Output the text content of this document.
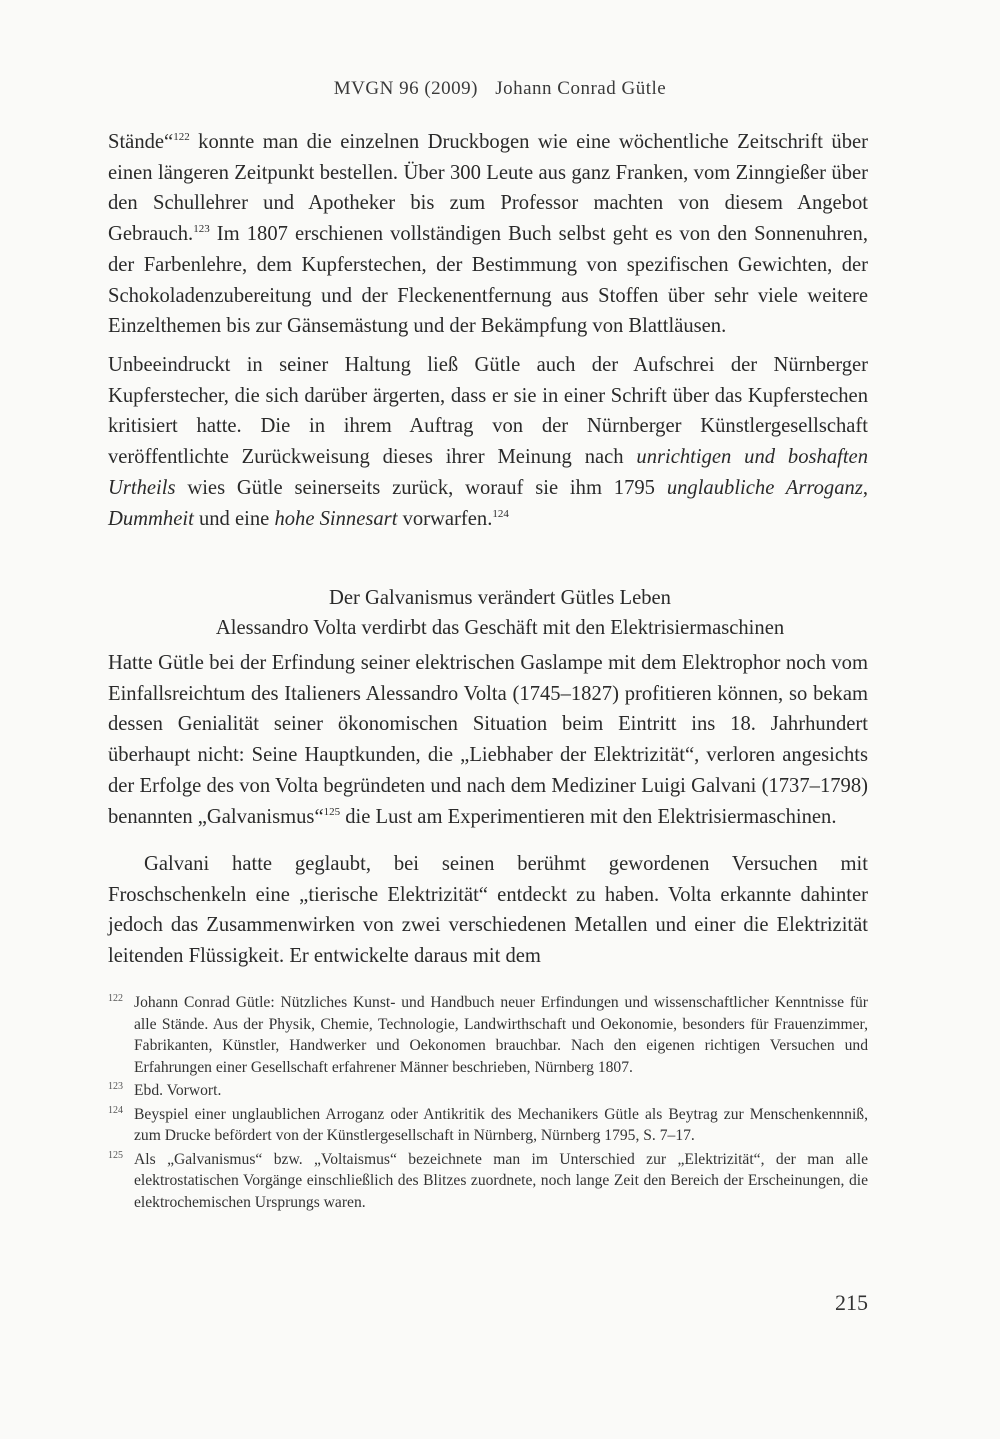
MVGN 96 (2009) Johann Conrad Gütle

Stände“$^{122}$ konnte man die einzelnen Druckbogen wie eine wöchentliche Zeitschrift über einen längeren Zeitpunkt bestellen. Über 300 Leute aus ganz Franken, vom Zinngießer über den Schullehrer und Apotheker bis zum Professor machten von diesem Angebot Gebrauch.$^{123}$ Im 1807 erschienen vollständigen Buch selbst geht es von den Sonnenuhren, der Farbenlehre, dem Kupferstechen, der Bestimmung von spezifischen Gewichten, der Schokoladenzubereitung und der Fleckenentfernung aus Stoffen über sehr viele weitere Einzelthemen bis zur Gänsemästung und der Bekämpfung von Blattläusen.

Unbeeindruckt in seiner Haltung ließ Gütle auch der Aufschrei der Nürnberger Kupferstecher, die sich darüber ärgerten, dass er sie in einer Schrift über das Kupferstechen kritisiert hatte. Die in ihrem Auftrag von der Nürnberger Künstlergesellschaft veröffentlichte Zurückweisung dieses ihrer Meinung nach unrichtigen und boshaften Urtheils wies Gütle seinerseits zurück, worauf sie ihm 1795 unglaubliche Arroganz, Dummheit und eine hohe Sinnesart vorwarfen.$^{124}$

Der Galvanismus verändert Gütles Leben
Alessandro Volta verdirbt das Geschäft mit den Elektrisiermaschinen

Hatte Gütle bei der Erfindung seiner elektrischen Gaslampe mit dem Elektrophor noch vom Einfallsreichtum des Italieners Alessandro Volta (1745–1827) profitieren können, so bekam dessen Genialität seiner ökonomischen Situation beim Eintritt ins 18. Jahrhundert überhaupt nicht: Seine Hauptkunden, die „Liebhaber der Elektrizität“, verloren angesichts der Erfolge des von Volta begründeten und nach dem Mediziner Luigi Galvani (1737–1798) benannten „Galvanismus“$^{125}$ die Lust am Experimentieren mit den Elektrisiermaschinen.

Galvani hatte geglaubt, bei seinen berühmt gewordenen Versuchen mit Froschschenkeln eine „tierische Elektrizität“ entdeckt zu haben. Volta erkannte dahinter jedoch das Zusammenwirken von zwei verschiedenen Metallen und einer die Elektrizität leitenden Flüssigkeit. Er entwickelte daraus mit dem

122 Johann Conrad Gütle: Nützliches Kunst- und Handbuch neuer Erfindungen und wissenschaftlicher Kenntnisse für alle Stände. Aus der Physik, Chemie, Technologie, Landwirthschaft und Oekonomie, besonders für Frauenzimmer, Fabrikanten, Künstler, Handwerker und Oekonomen brauchbar. Nach den eigenen richtigen Versuchen und Erfahrungen einer Gesellschaft erfahrener Männer beschrieben, Nürnberg 1807.
123 Ebd. Vorwort.
124 Beyspiel einer unglaublichen Arroganz oder Antikritik des Mechanikers Gütle als Beytrag zur Menschenkennniß, zum Drucke befördert von der Künstlergesellschaft in Nürnberg, Nürnberg 1795, S. 7–17.
125 Als „Galvanismus“ bzw. „Voltaismus“ bezeichnete man im Unterschied zur „Elektrizität“, der man alle elektrostatischen Vorgänge einschließlich des Blitzes zuordnete, noch lange Zeit den Bereich der Erscheinungen, die elektrochemischen Ursprungs waren.
215
